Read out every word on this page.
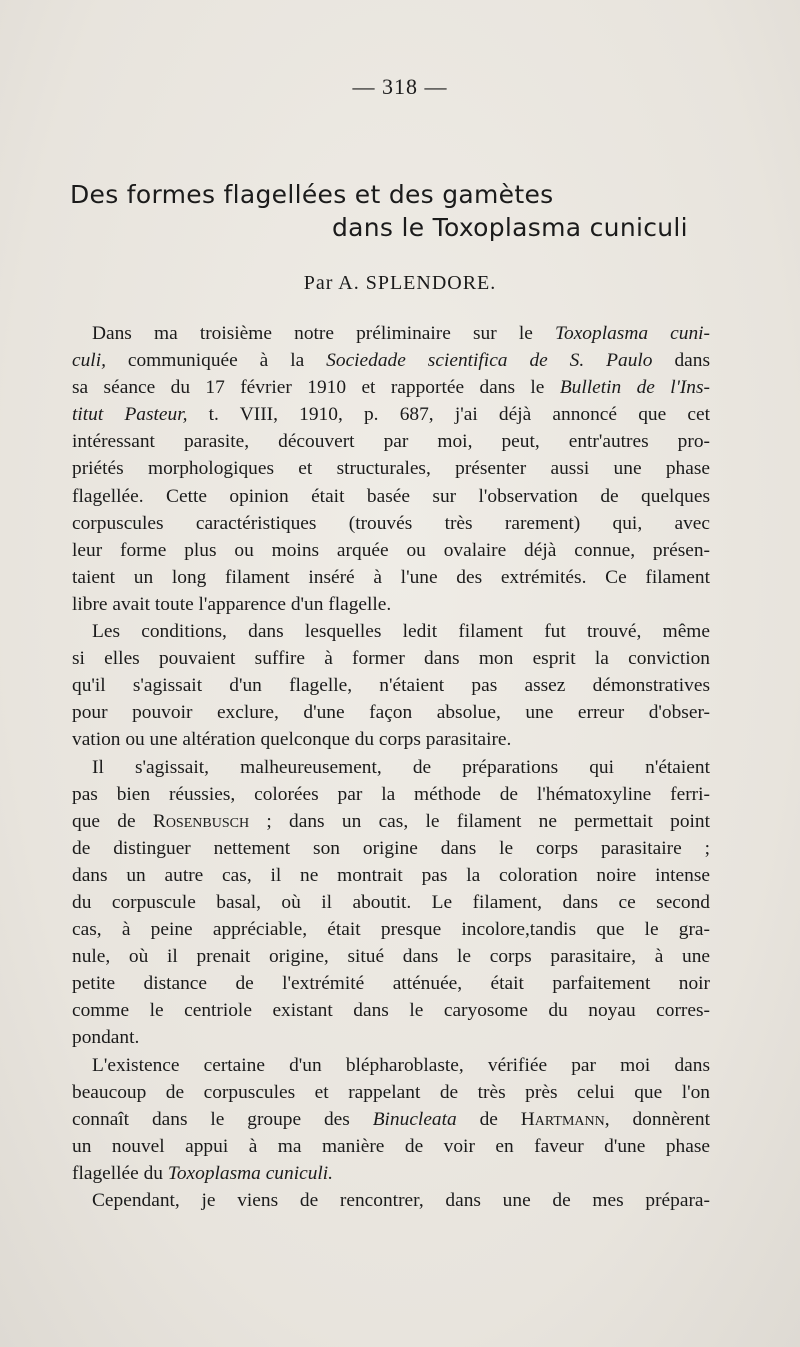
— 318 —
Des formes flagellées et des gamètes
dans le Toxoplasma cuniculi
Par A. SPLENDORE.
Dans ma troisième notre préliminaire sur le Toxoplasma cuni-
culi, communiquée à la Sociedade scientifica de S. Paulo dans
sa séance du 17 février 1910 et rapportée dans le Bulletin de l'Ins-
titut Pasteur, t. VIII, 1910, p. 687, j'ai déjà annoncé que cet
intéressant parasite, découvert par moi, peut, entr'autres pro-
priétés morphologiques et structurales, présenter aussi une phase
flagellée. Cette opinion était basée sur l'observation de quelques
corpuscules caractéristiques (trouvés très rarement) qui, avec
leur forme plus ou moins arquée ou ovalaire déjà connue, présen-
taient un long filament inséré à l'une des extrémités. Ce filament
libre avait toute l'apparence d'un flagelle.
Les conditions, dans lesquelles ledit filament fut trouvé, même
si elles pouvaient suffire à former dans mon esprit la conviction
qu'il s'agissait d'un flagelle, n'étaient pas assez démonstratives
pour pouvoir exclure, d'une façon absolue, une erreur d'obser-
vation ou une altération quelconque du corps parasitaire.
Il s'agissait, malheureusement, de préparations qui n'étaient
pas bien réussies, colorées par la méthode de l'hématoxyline ferri-
que de Rosenbusch ; dans un cas, le filament ne permettait point
de distinguer nettement son origine dans le corps parasitaire ;
dans un autre cas, il ne montrait pas la coloration noire intense
du corpuscule basal, où il aboutit. Le filament, dans ce second
cas, à peine appréciable, était presque incolore,tandis que le gra-
nule, où il prenait origine, situé dans le corps parasitaire, à une
petite distance de l'extrémité atténuée, était parfaitement noir
comme le centriole existant dans le caryosome du noyau corres-
pondant.
L'existence certaine d'un blépharoblaste, vérifiée par moi dans
beaucoup de corpuscules et rappelant de très près celui que l'on
connaît dans le groupe des Binucleata de Hartmann, donnèrent
un nouvel appui à ma manière de voir en faveur d'une phase
flagellée du Toxoplasma cuniculi.
Cependant, je viens de rencontrer, dans une de mes prépara-
